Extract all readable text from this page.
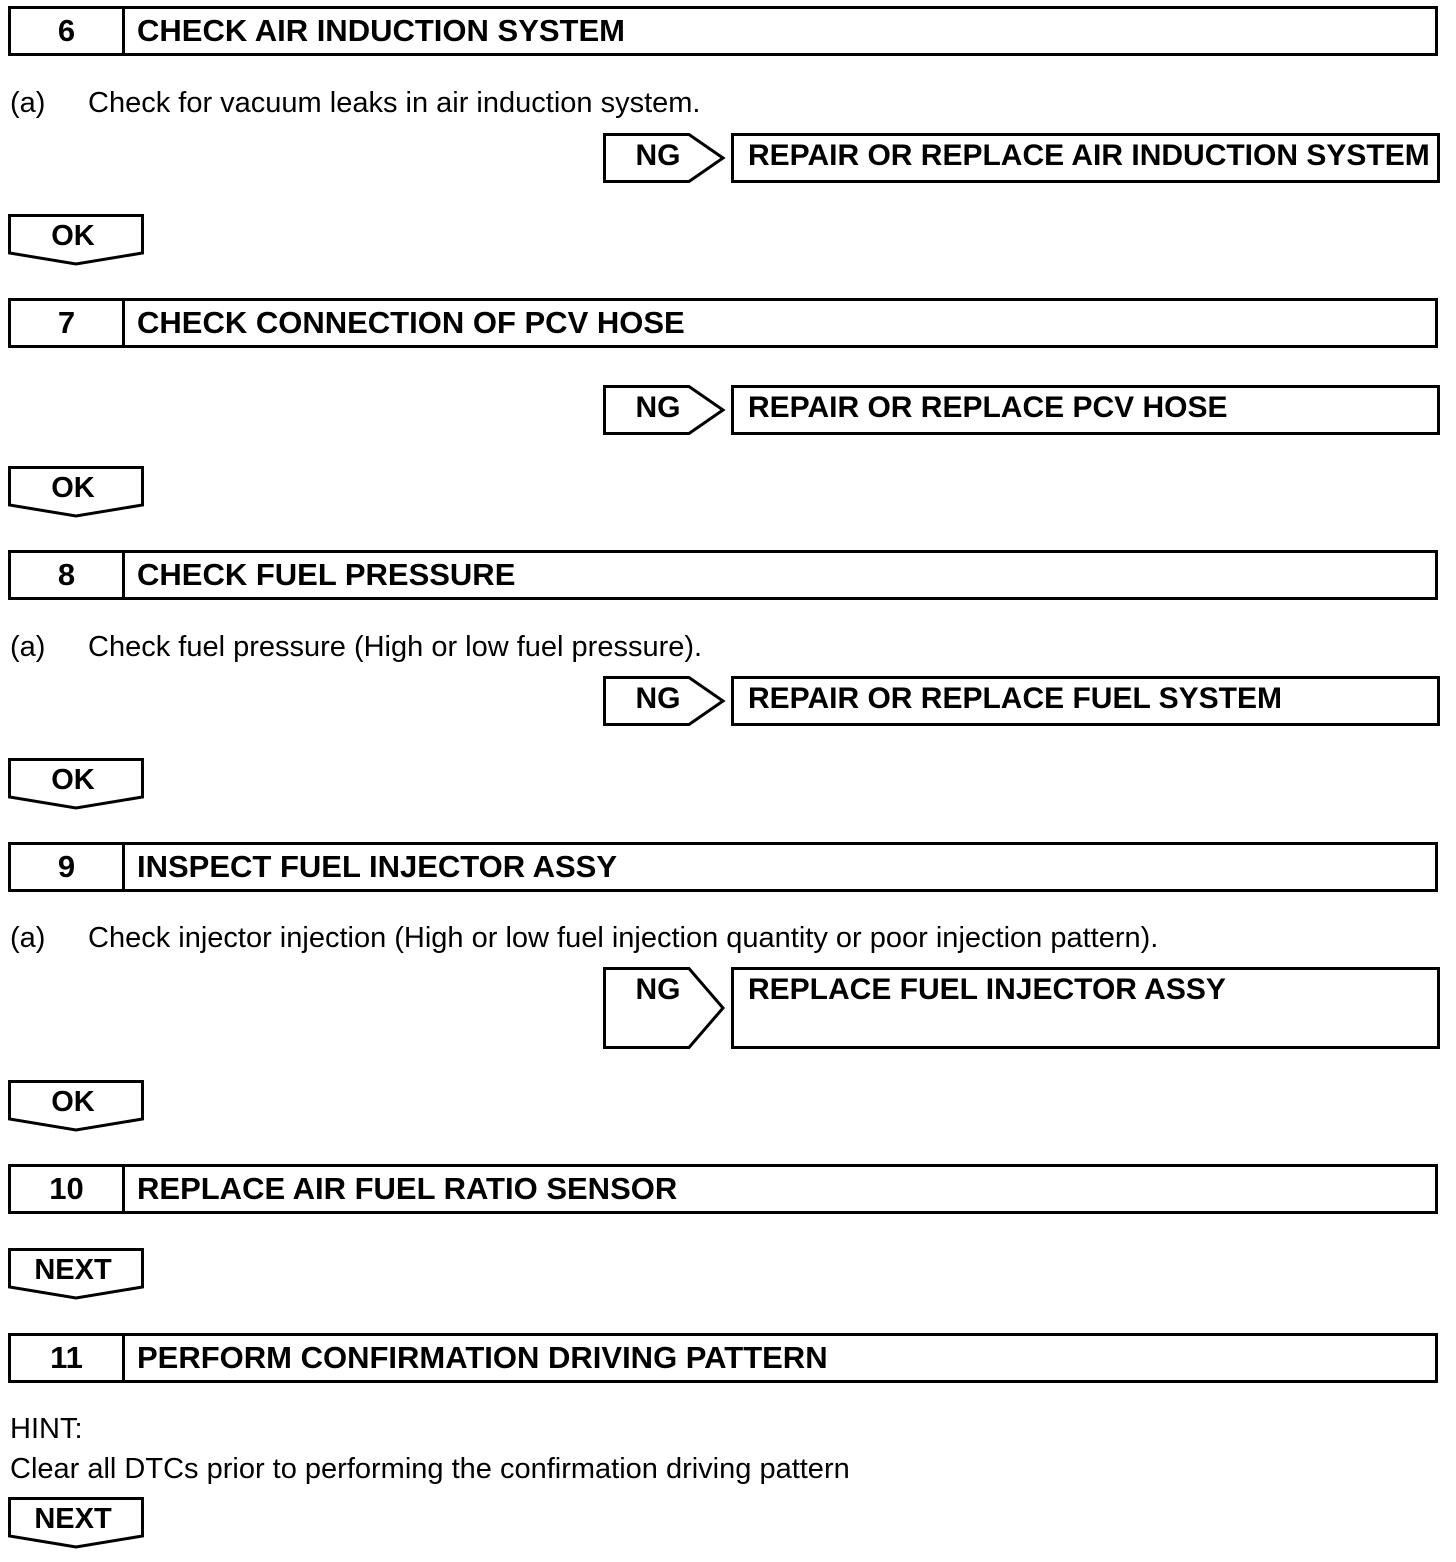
6	CHECK AIR INDUCTION SYSTEM
(a) Check for vacuum leaks in air induction system.
NG	REPAIR OR REPLACE AIR INDUCTION SYSTEM
OK
7	CHECK CONNECTION OF PCV HOSE
NG	REPAIR OR REPLACE PCV HOSE
OK
8	CHECK FUEL PRESSURE
(a) Check fuel pressure (High or low fuel pressure).
NG	REPAIR OR REPLACE FUEL SYSTEM
OK
9	INSPECT FUEL INJECTOR ASSY
(a) Check injector injection (High or low fuel injection quantity or poor injection pattern).
NG	REPLACE FUEL INJECTOR ASSY
OK
10	REPLACE AIR FUEL RATIO SENSOR
NEXT
11	PERFORM CONFIRMATION DRIVING PATTERN
HINT:
Clear all DTCs prior to performing the confirmation driving pattern
NEXT
